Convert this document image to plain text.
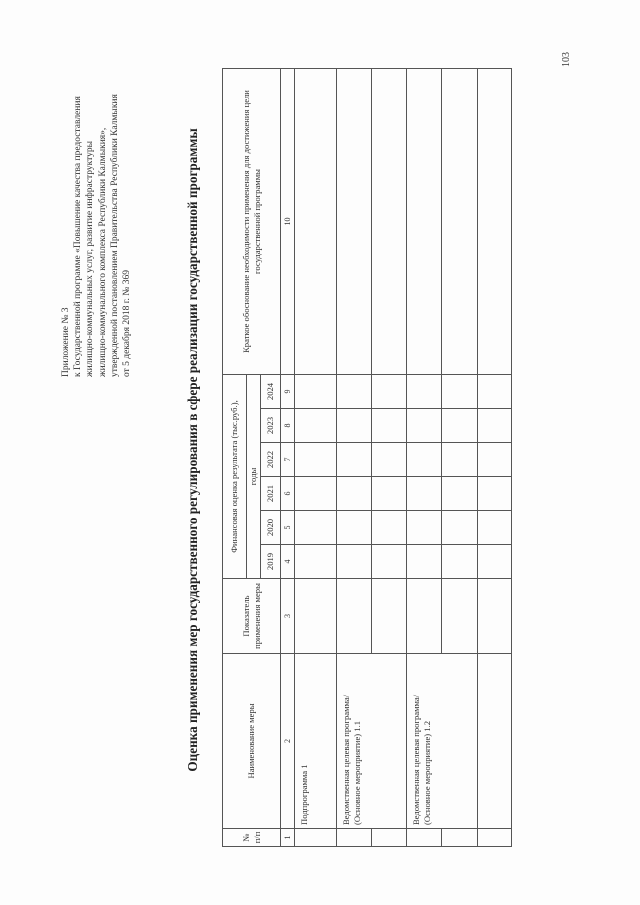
Приложение № 3 к Государственной программе «Повышение качества предоставления жилищно-коммунальных услуг, развитие инфраструктуры жилищно-коммунального комплекса Республики Калмыкия», утвержденной постановлением Правительства Республики Калмыкия от 5 декабря 2018 г. № 369	Оценка применения мер государственного регулирования в сфере реализации государственной программы
№ п/п	Наименование меры	Показатель применения меры	Финансовая оценка результата (тыс.руб.),						Краткое обоснование необходимости применения для достижения цели государственной программы
			годы						
			2019	2020	2021	2022	2023	2024	
1	2	3	4	5	6	7	8	9	10
	Подпрограмма 1								
	Ведомственная целевая программа/ (Основное мероприятие) 1.1								

	Ведомственная целевая программа/ (Основное мероприятие) 1.2								

103
